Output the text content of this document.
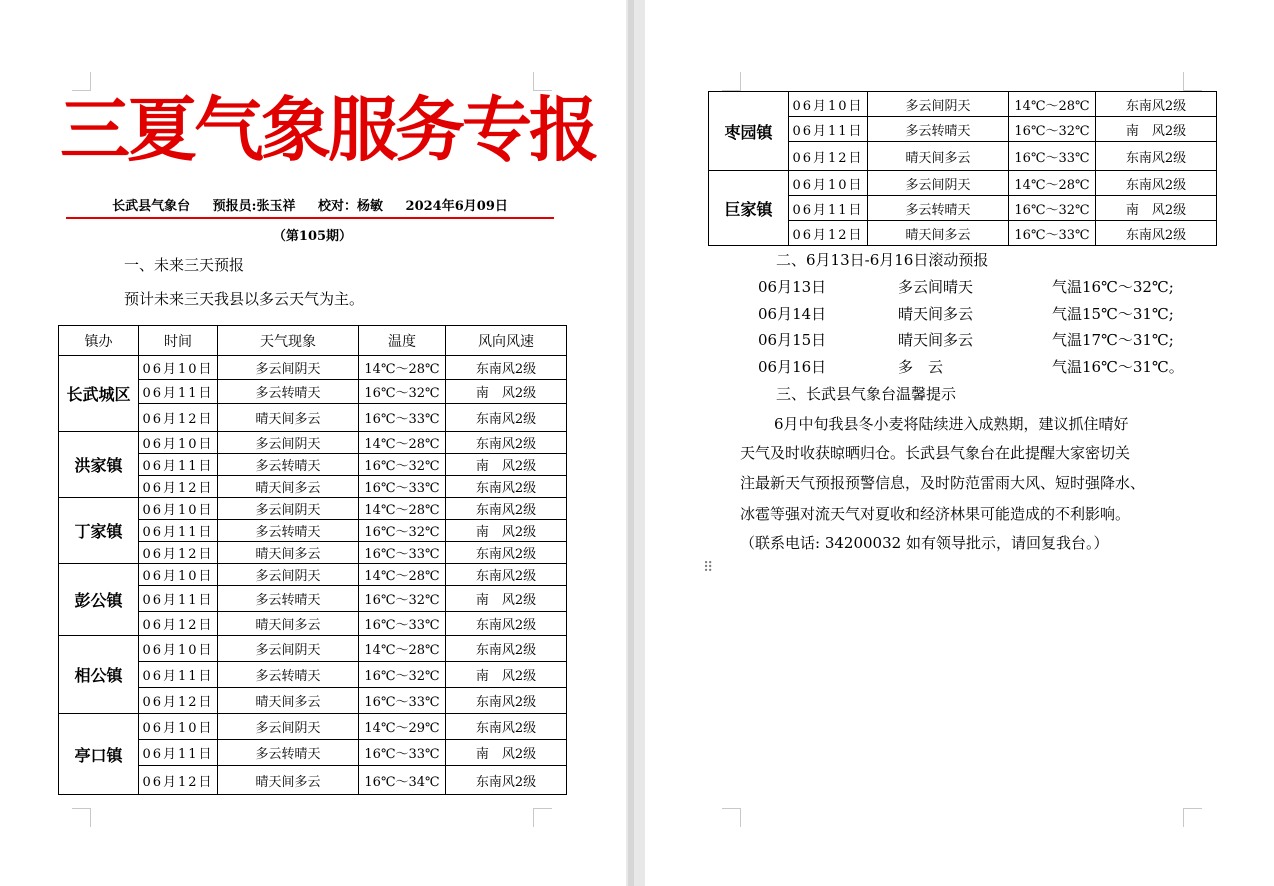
三夏气象服务专报
长武县气象台 预报员:张玉祥 校对：杨敏 2024年6月09日
（第105期）
一、未来三天预报
预计未来三天我县以多云天气为主。
镇办	时间	天气现象	温度	风向风速
长武城区	06月10日	多云间阴天	14℃～28℃	东南风2级
	06月11日	多云转晴天	16℃～32℃	南　风2级
	06月12日	晴天间多云	16℃～33℃	东南风2级
洪家镇	06月10日	多云间阴天	14℃～28℃	东南风2级
	06月11日	多云转晴天	16℃～32℃	南　风2级
	06月12日	晴天间多云	16℃～33℃	东南风2级
丁家镇	06月10日	多云间阴天	14℃～28℃	东南风2级
	06月11日	多云转晴天	16℃～32℃	南　风2级
	06月12日	晴天间多云	16℃～33℃	东南风2级
彭公镇	06月10日	多云间阴天	14℃～28℃	东南风2级
	06月11日	多云转晴天	16℃～32℃	南　风2级
	06月12日	晴天间多云	16℃～33℃	东南风2级
相公镇	06月10日	多云间阴天	14℃～28℃	东南风2级
	06月11日	多云转晴天	16℃～32℃	南　风2级
	06月12日	晴天间多云	16℃～33℃	东南风2级
亭口镇	06月10日	多云间阴天	14℃～29℃	东南风2级
	06月11日	多云转晴天	16℃～33℃	南　风2级
	06月12日	晴天间多云	16℃～34℃	东南风2级
枣园镇	06月10日	多云间阴天	14℃～28℃	东南风2级
	06月11日	多云转晴天	16℃～32℃	南　风2级
	06月12日	晴天间多云	16℃～33℃	东南风2级
巨家镇	06月10日	多云间阴天	14℃～28℃	东南风2级
	06月11日	多云转晴天	16℃～32℃	南　风2级
	06月12日	晴天间多云	16℃～33℃	东南风2级
二、6月13日-6月16日滚动预报
06月13日	多云间晴天	气温16℃～32℃;
06月14日	晴天间多云	气温15℃～31℃;
06月15日	晴天间多云	气温17℃～31℃;
06月16日	多　云	气温16℃～31℃。
三、长武县气象台温馨提示
6月中旬我县冬小麦将陆续进入成熟期，建议抓住晴好
天气及时收获晾晒归仓。长武县气象台在此提醒大家密切关
注最新天气预报预警信息，及时防范雷雨大风、短时强降水、
冰雹等强对流天气对夏收和经济林果可能造成的不利影响。
（联系电话: 34200032 如有领导批示，请回复我台。）
⠿
